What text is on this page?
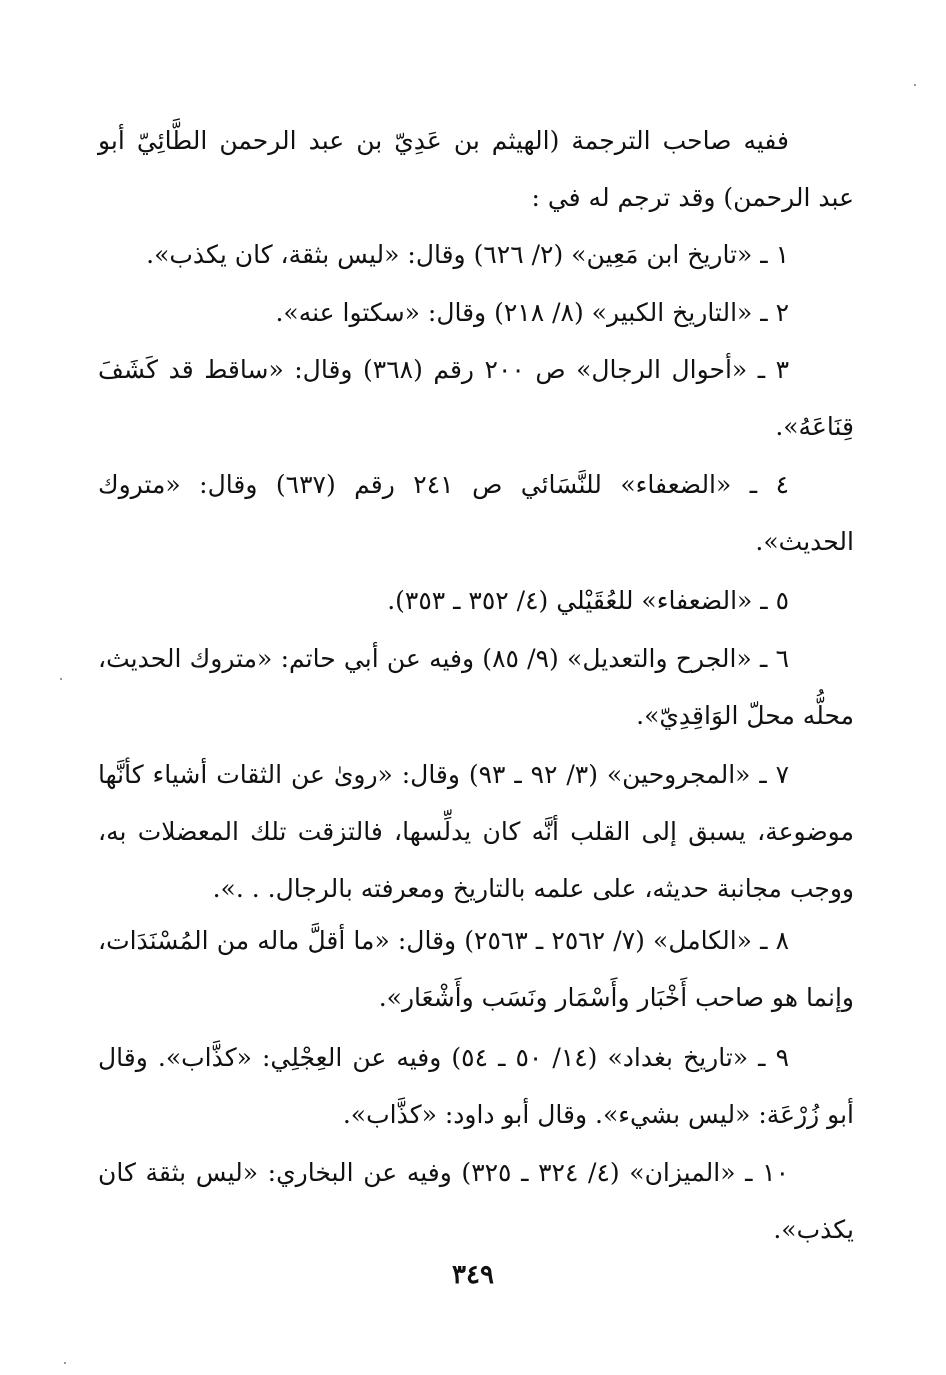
ففيه صاحب الترجمة (الهيثم بن عَدِيّ بن عبد الرحمن الطَّائِيّ أبو عبد الرحمن) وقد ترجم له في :

١ ـ «تاريخ ابن مَعِين» (٢/ ٦٢٦) وقال: «ليس بثقة، كان يكذب».

٢ ـ «التاريخ الكبير» (٨/ ٢١٨) وقال: «سكتوا عنه».

٣ ـ «أحوال الرجال» ص ٢٠٠ رقم (٣٦٨) وقال: «ساقط قد كَشَفَ قِنَاعَهُ».

٤ ـ «الضعفاء» للنَّسَائي ص ٢٤١ رقم (٦٣٧) وقال: «متروك الحديث».

٥ ـ «الضعفاء» للعُقَيْلي (٤/ ٣٥٢ ـ ٣٥٣).

٦ ـ «الجرح والتعديل» (٩/ ٨٥) وفيه عن أبي حاتم: «متروك الحديث، محلُّه محلّ الوَاقِدِيّ».

٧ ـ «المجروحين» (٣/ ٩٢ ـ ٩٣) وقال: «روىٰ عن الثقات أشياء كأنَّها موضوعة، يسبق إلى القلب أنَّه كان يدلِّسها، فالتزقت تلك المعضلات به، ووجب مجانبة حديثه، على علمه بالتاريخ ومعرفته بالرجال. . .».

٨ ـ «الكامل» (٧/ ٢٥٦٢ ـ ٢٥٦٣) وقال: «ما أقلَّ ماله من المُسْنَدَات، وإنما هو صاحب أَخْبَار وأَسْمَار ونَسَب وأَشْعَار».

٩ ـ «تاريخ بغداد» (١٤/ ٥٠ ـ ٥٤) وفيه عن العِجْلِي: «كذَّاب». وقال أبو زُرْعَة: «ليس بشيء». وقال أبو داود: «كذَّاب».

١٠ ـ «الميزان» (٤/ ٣٢٤ ـ ٣٢٥) وفيه عن البخاري: «ليس بثقة كان يكذب».

٣٤٩
